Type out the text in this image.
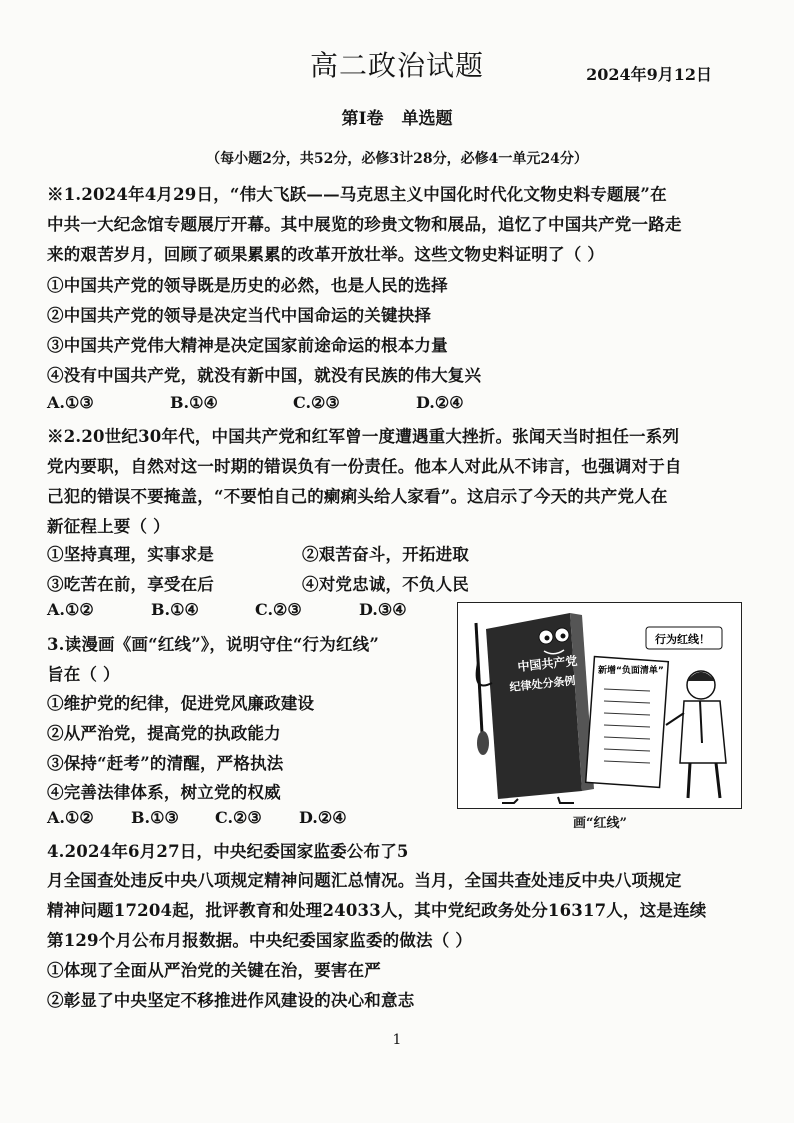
高二政治试题	2024年9月12日
第Ⅰ卷 单选题
（每小题2分，共52分，必修3计28分，必修4一单元24分）
※1.2024年4月29日，“伟大飞跃——马克思主义中国化时代化文物史料专题展”在
中共一大纪念馆专题展厅开幕。其中展览的珍贵文物和展品，追忆了中国共产党一路走
来的艰苦岁月，回顾了硕果累累的改革开放壮举。这些文物史料证明了（ ）
①中国共产党的领导既是历史的必然，也是人民的选择
②中国共产党的领导是决定当代中国命运的关键抉择
③中国共产党伟大精神是决定国家前途命运的根本力量
④没有中国共产党，就没有新中国，就没有民族的伟大复兴
A.①③	B.①④	C.②③	D.②④
※2.20世纪30年代，中国共产党和红军曾一度遭遇重大挫折。张闻天当时担任一系列
党内要职，自然对这一时期的错误负有一份责任。他本人对此从不讳言，也强调对于自
己犯的错误不要掩盖，“不要怕自己的瘌痢头给人家看”。这启示了今天的共产党人在
新征程上要（ ）
①坚持真理，实事求是	②艰苦奋斗，开拓进取
③吃苦在前，享受在后	④对党忠诚，不负人民
A.①②	B.①④	C.②③	D.③④
3.读漫画《画“红线”》，说明守住“行为红线”
旨在（ ）
①维护党的纪律，促进党风廉政建设
②从严治党，提高党的执政能力
③保持“赶考”的清醒，严格执法
④完善法律体系，树立党的权威
A.①② B.①③ C.②③ D.②④
中国共产党
纪律处分条例
新增“负面清单”
行为红线！
画“红线”
4.2024年6月27日，中央纪委国家监委公布了5
月全国查处违反中央八项规定精神问题汇总情况。当月，全国共查处违反中央八项规定
精神问题17204起，批评教育和处理24033人，其中党纪政务处分16317人，这是连续
第129个月公布月报数据。中央纪委国家监委的做法（ ）
①体现了全面从严治党的关键在治，要害在严
②彰显了中央坚定不移推进作风建设的决心和意志
1
